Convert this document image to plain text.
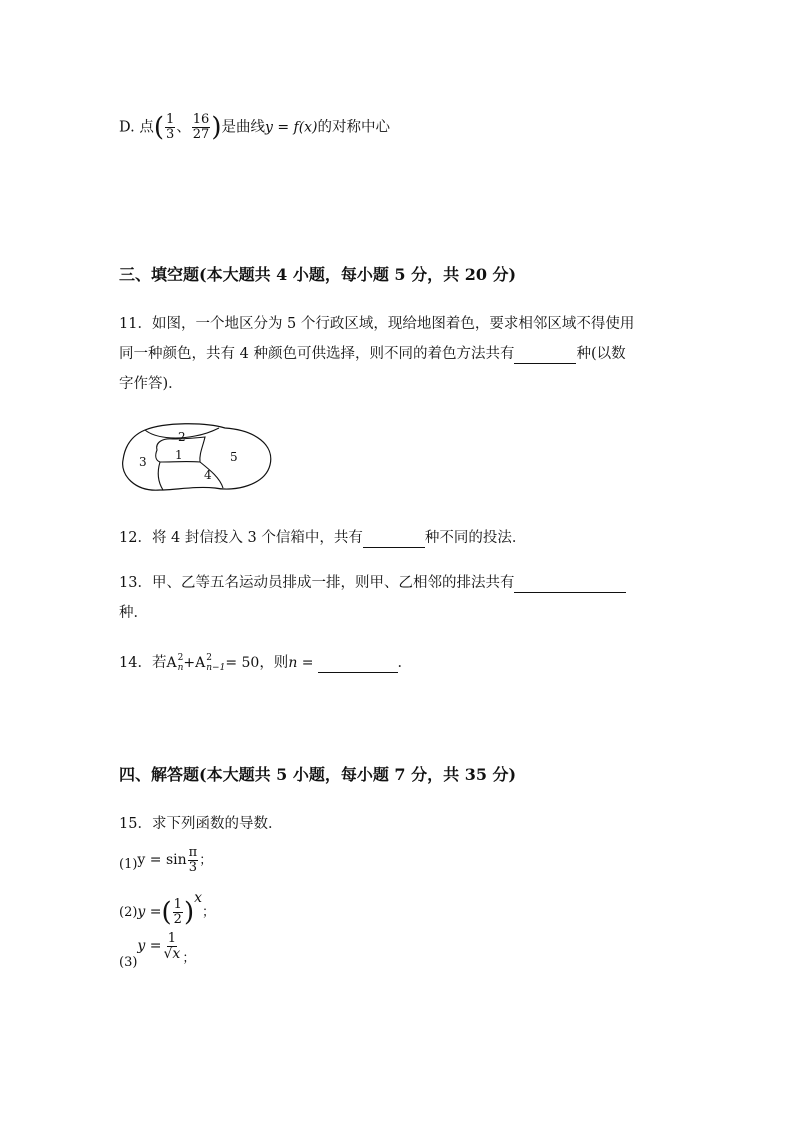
D. 点( $\frac{1}{3}$ 、 $\frac{16}{27}$ )是曲线y = f(x)的对称中心
三、填空题(本大题共 4 小题，每小题 5 分，共 20 分)
11．如图，一个地区分为 5 个行政区域，现给地图着色，要求相邻区域不得使用
同一种颜色，共有 4 种颜色可供选择，则不同的着色方法共有	种(以数
字作答)．
1
2
3
4
5
12．将 4 封信投入 3 个信箱中，共有	种不同的投法．
13．甲、乙等五名运动员排成一排，则甲、乙相邻的排法共有
种．
14．若A 2
n +A 2
n−1 = 50，则n =	．
四、解答题(本大题共 5 小题，每小题 7 分，共 35 分)
15．求下列函数的导数．
$(1)y = \sin \frac{\pi}{3}$ ；
(2)y =( $\frac{1}{2} )^x$；
$(3)y = \frac{1}{√x}$ ；
